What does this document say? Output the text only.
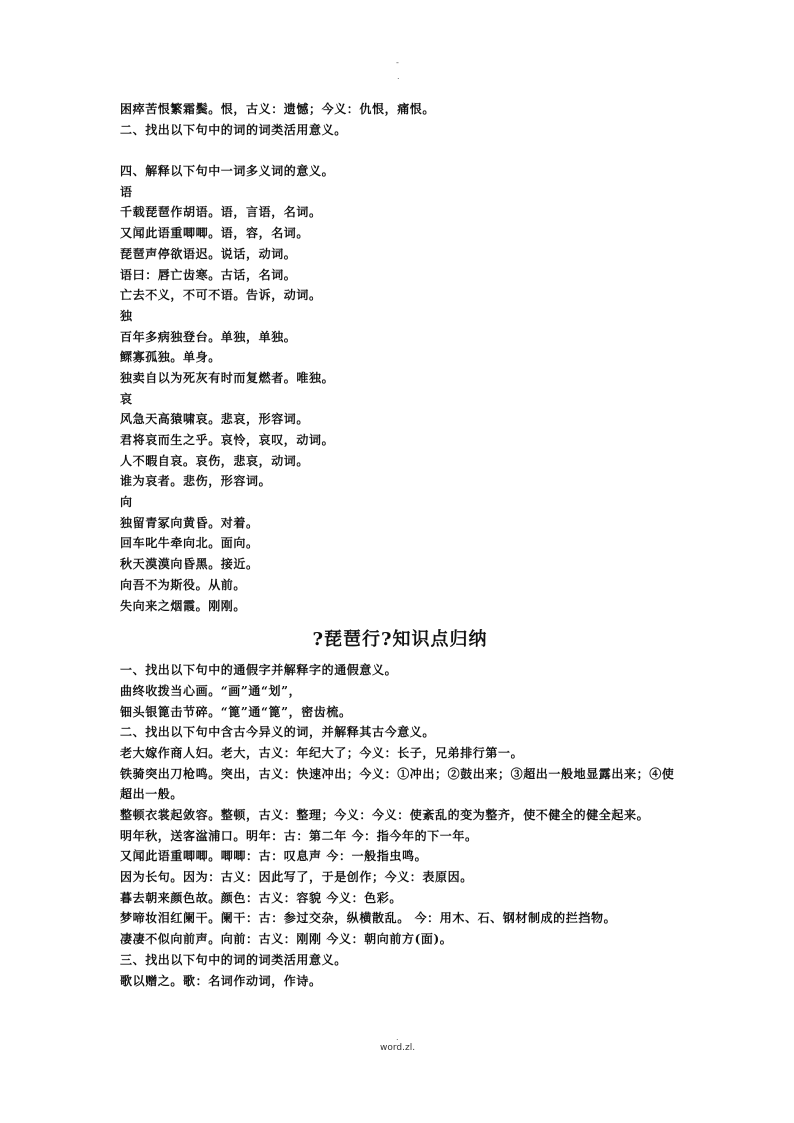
-
.
困瘁苦恨繁霜鬓。恨，古义：遗憾；今义：仇恨，痛恨。
二、找出以下句中的词的词类活用意义。
四、解释以下句中一词多义词的意义。
语
千载琵琶作胡语。语，言语，名词。
又闻此语重唧唧。语，容，名词。
琵琶声停欲语迟。说话，动词。
语曰：唇亡齿寒。古话，名词。
亡去不义，不可不语。告诉，动词。
独
百年多病独登台。单独，单独。
鳏寡孤独。单身。
独卖自以为死灰有时而复燃者。唯独。
哀
风急天高猿啸哀。悲哀，形容词。
君将哀而生之乎。哀怜，哀叹，动词。
人不暇自哀。哀伤，悲哀，动词。
谁为哀者。悲伤，形容词。
向
独留青冢向黄昏。对着。
回车叱牛牵向北。面向。
秋天漠漠向昏黑。接近。
向吾不为斯役。从前。
失向来之烟霞。刚刚。
?琵琶行?知识点归纳
一、找出以下句中的通假字并解释字的通假意义。
曲终收拨当心画。“画”通“划”，
钿头银篦击节碎。“篦”通“篦”，密齿梳。
二、找出以下句中含古今异义的词，并解释其古今意义。
老大嫁作商人妇。老大，古义：年纪大了；今义：长子，兄弟排行第一。
铁骑突出刀枪鸣。突出，古义：快速冲出；今义：①冲出；②鼓出来；③超出一般地显露出来；④使超出一般。
整顿衣裳起敛容。整顿，古义：整理；今义：今义：使紊乱的变为整齐，使不健全的健全起来。
明年秋，送客湓浦口。明年：古：第二年 今：指今年的下一年。
又闻此语重唧唧。唧唧：古：叹息声 今：一般指虫鸣。
因为长句。因为：古义：因此写了，于是创作；今义：表原因。
暮去朝来颜色故。颜色：古义：容貌 今义：色彩。
梦啼妆泪红阑干。阑干：古：参过交杂，纵横散乱。 今：用木、石、钢材制成的拦挡物。
凄凄不似向前声。向前：古义：刚刚 今义：朝向前方(面)。
三、找出以下句中的词的词类活用意义。
歌以赠之。歌：名词作动词，作诗。
.
word.zl.
